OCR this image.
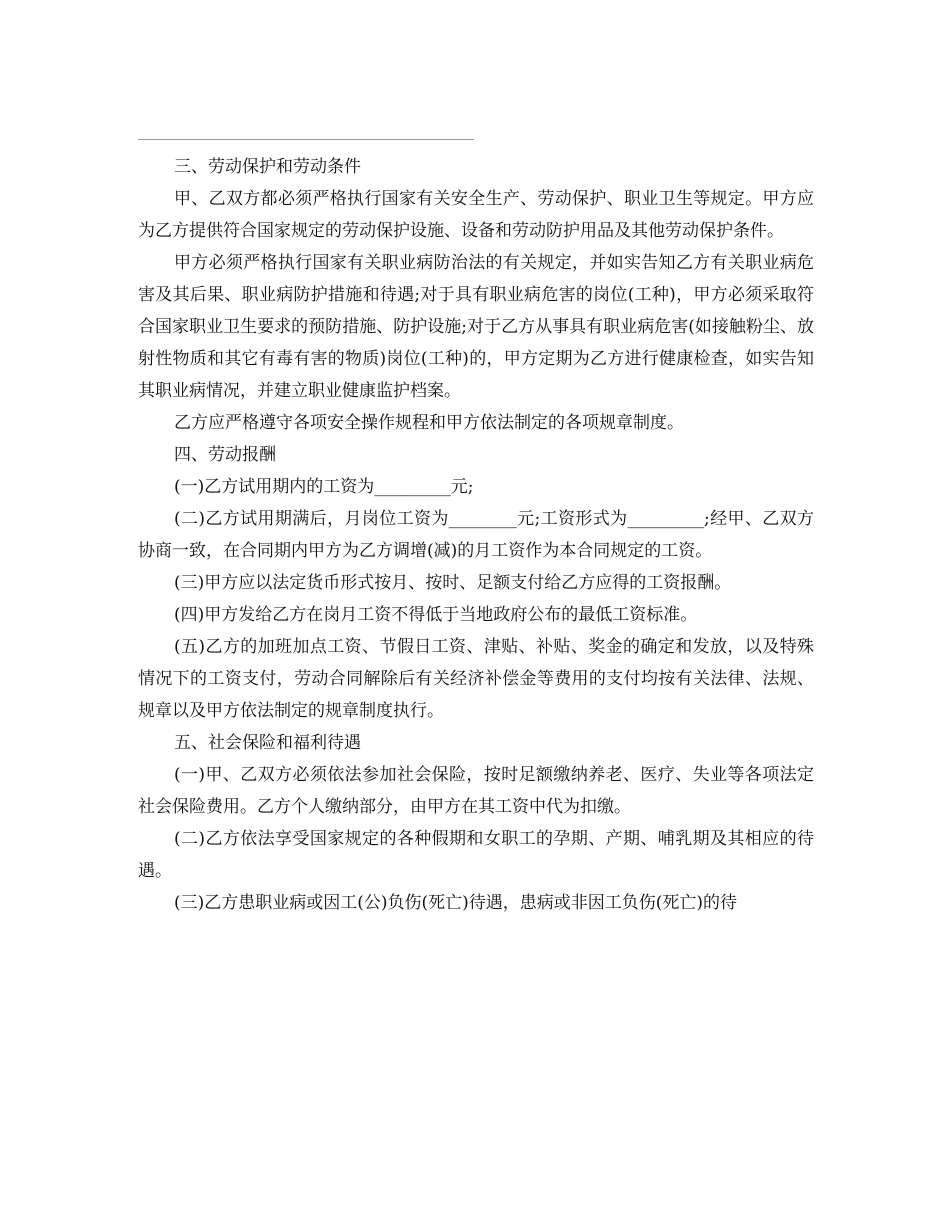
三、劳动保护和劳动条件

甲、乙双方都必须严格执行国家有关安全生产、劳动保护、职业卫生等规定。甲方应为乙方提供符合国家规定的劳动保护设施、设备和劳动防护用品及其他劳动保护条件。

甲方必须严格执行国家有关职业病防治法的有关规定，并如实告知乙方有关职业病危害及其后果、职业病防护措施和待遇;对于具有职业病危害的岗位(工种)，甲方必须采取符合国家职业卫生要求的预防措施、防护设施;对于乙方从事具有职业病危害(如接触粉尘、放射性物质和其它有毒有害的物质)岗位(工种)的，甲方定期为乙方进行健康检查，如实告知其职业病情况，并建立职业健康监护档案。

乙方应严格遵守各项安全操作规程和甲方依法制定的各项规章制度。

四、劳动报酬

(一)乙方试用期内的工资为_________元;

(二)乙方试用期满后，月岗位工资为________元;工资形式为_________;经甲、乙双方协商一致，在合同期内甲方为乙方调增(减)的月工资作为本合同规定的工资。

(三)甲方应以法定货币形式按月、按时、足额支付给乙方应得的工资报酬。

(四)甲方发给乙方在岗月工资不得低于当地政府公布的最低工资标准。

(五)乙方的加班加点工资、节假日工资、津贴、补贴、奖金的确定和发放，以及特殊情况下的工资支付，劳动合同解除后有关经济补偿金等费用的支付均按有关法律、法规、规章以及甲方依法制定的规章制度执行。

五、社会保险和福利待遇

(一)甲、乙双方必须依法参加社会保险，按时足额缴纳养老、医疗、失业等各项法定社会保险费用。乙方个人缴纳部分，由甲方在其工资中代为扣缴。

(二)乙方依法享受国家规定的各种假期和女职工的孕期、产期、哺乳期及其相应的待遇。

(三)乙方患职业病或因工(公)负伤(死亡)待遇，患病或非因工负伤(死亡)的待
